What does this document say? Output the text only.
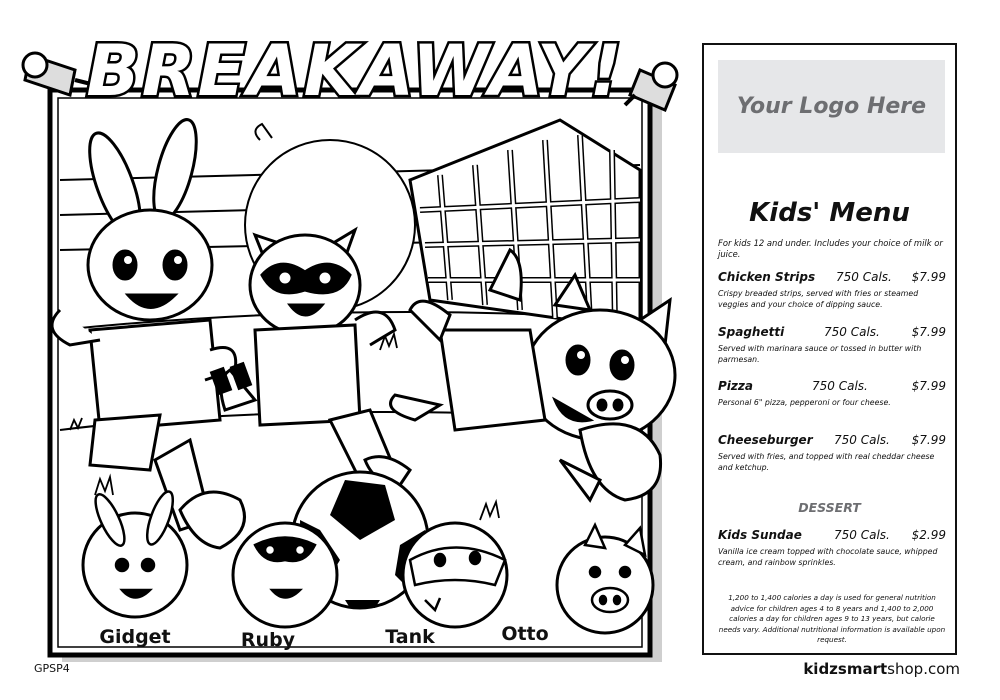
Gidget	Ruby	Tank	Otto
BREAKAWAY!
GPSP4	kidzsmartshop.com
Your Logo Here
Kids' Menu
For kids 12 and under. Includes your choice of milk or juice.
Chicken Strips 750 Cals. $7.99
Crispy breaded strips, served with fries or steamed veggies and your choice of dipping sauce.
Spaghetti	750 Cals.	$7.99
Served with marinara sauce or tossed in butter with parmesan.
Pizza	750 Cals.	$7.99
Personal 6" pizza, pepperoni or four cheese.
Cheeseburger 750 Cals. $7.99
Served with fries, and topped with real cheddar cheese and ketchup.
DESSERT
Kids Sundae	750 Cals. $2.99
Vanilla ice cream topped with chocolate sauce, whipped cream, and rainbow sprinkles.
1,200 to 1,400 calories a day is used for general nutrition advice for children ages 4 to 8 years and 1,400 to 2,000 calories a day for children ages 9 to 13 years, but calorie needs vary. Additional nutritional information is available upon request.
